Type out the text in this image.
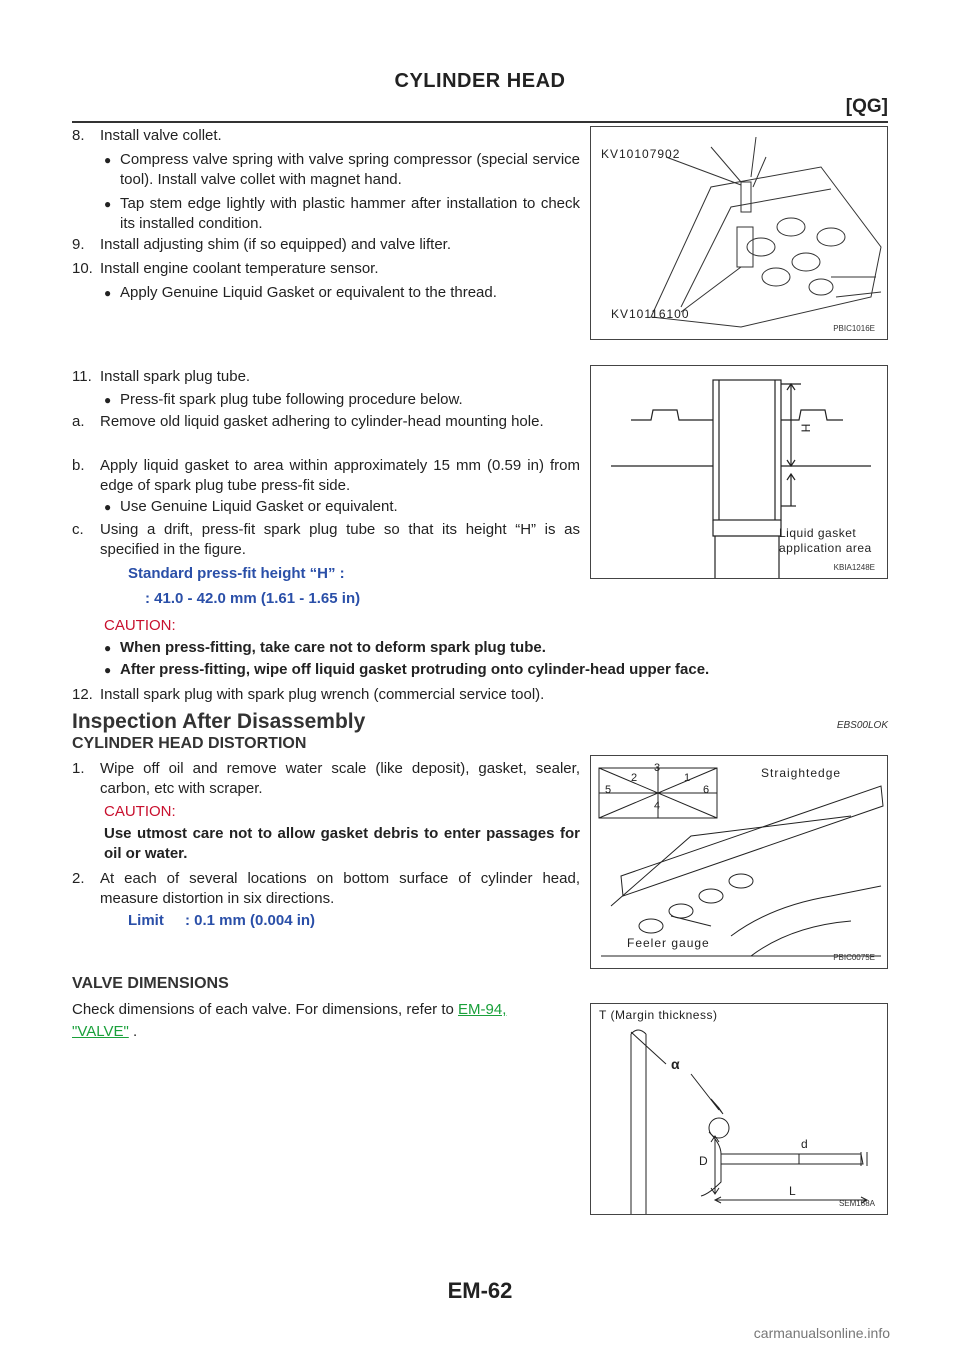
CYLINDER HEAD
[QG]
8. Install valve collet.
● Compress valve spring with valve spring compressor (special service tool). Install valve collet with magnet hand.
● Tap stem edge lightly with plastic hammer after installation to check its installed condition.
9. Install adjusting shim (if so equipped) and valve lifter.
10. Install engine coolant temperature sensor.
● Apply Genuine Liquid Gasket or equivalent to the thread.
KV10107902
KV10116100
PBIC1016E
11. Install spark plug tube.
● Press-fit spark plug tube following procedure below.
a. Remove old liquid gasket adhering to cylinder-head mounting hole.
b. Apply liquid gasket to area within approximately 15 mm (0.59 in) from edge of spark plug tube press-fit side.
● Use Genuine Liquid Gasket or equivalent.
c. Using a drift, press-fit spark plug tube so that its height “H” is as specified in the figure.
H
Liquid gasket
application area
KBIA1248E
Standard press-fit height “H” :
: 41.0 - 42.0 mm (1.61 - 1.65 in)
CAUTION:
● When press-fitting, take care not to deform spark plug tube.
● After press-fitting, wipe off liquid gasket protruding onto cylinder-head upper face.
12. Install spark plug with spark plug wrench (commercial service tool).
Inspection After Disassembly	EBS00LOK
CYLINDER HEAD DISTORTION
1. Wipe off oil and remove water scale (like deposit), gasket, sealer, carbon, etc with scraper.
CAUTION:
Use utmost care not to allow gasket debris to enter passages for oil or water.
2. At each of several locations on bottom surface of cylinder head, measure distortion in six directions.
Limit : 0.1 mm (0.004 in)
2
3
1
5	6
4
Straightedge
Feeler gauge
PBIC0075E
VALVE DIMENSIONS
Check dimensions of each valve. For dimensions, refer to EM-94,
"VALVE" .
T (Margin thickness)
α
D
d
L
SEM188A
EM-62
carmanualsonline.info
